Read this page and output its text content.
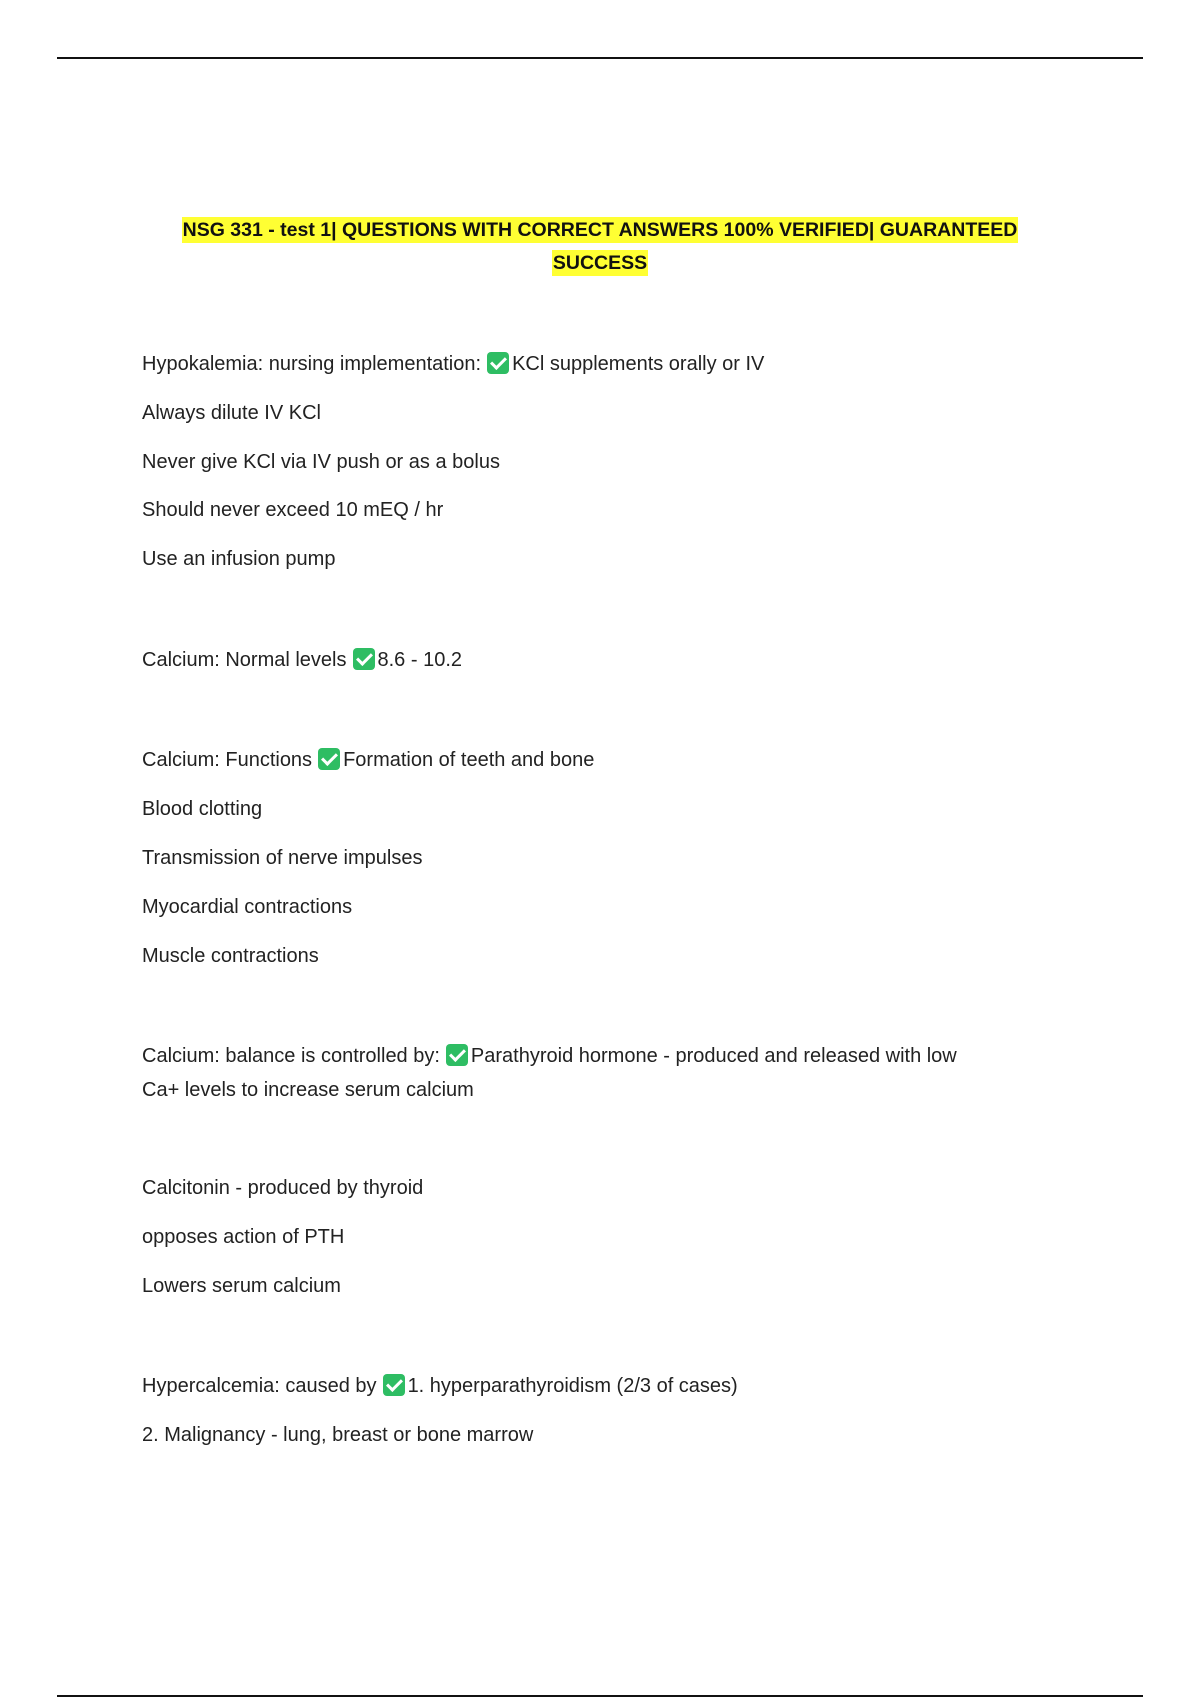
NSG 331 - test 1| QUESTIONS WITH CORRECT ANSWERS 100% VERIFIED| GUARANTEED
SUCCESS
Hypokalemia: nursing implementation: KCl supplements orally or IV
Always dilute IV KCl
Never give KCl via IV push or as a bolus
Should never exceed 10 mEQ / hr
Use an infusion pump
Calcium: Normal levels 8.6 - 10.2
Calcium: Functions Formation of teeth and bone
Blood clotting
Transmission of nerve impulses
Myocardial contractions
Muscle contractions
Calcium: balance is controlled by: Parathyroid hormone - produced and released with low
Ca+ levels to increase serum calcium
Calcitonin - produced by thyroid
opposes action of PTH
Lowers serum calcium
Hypercalcemia: caused by 1. hyperparathyroidism (2/3 of cases)
2. Malignancy - lung, breast or bone marrow
